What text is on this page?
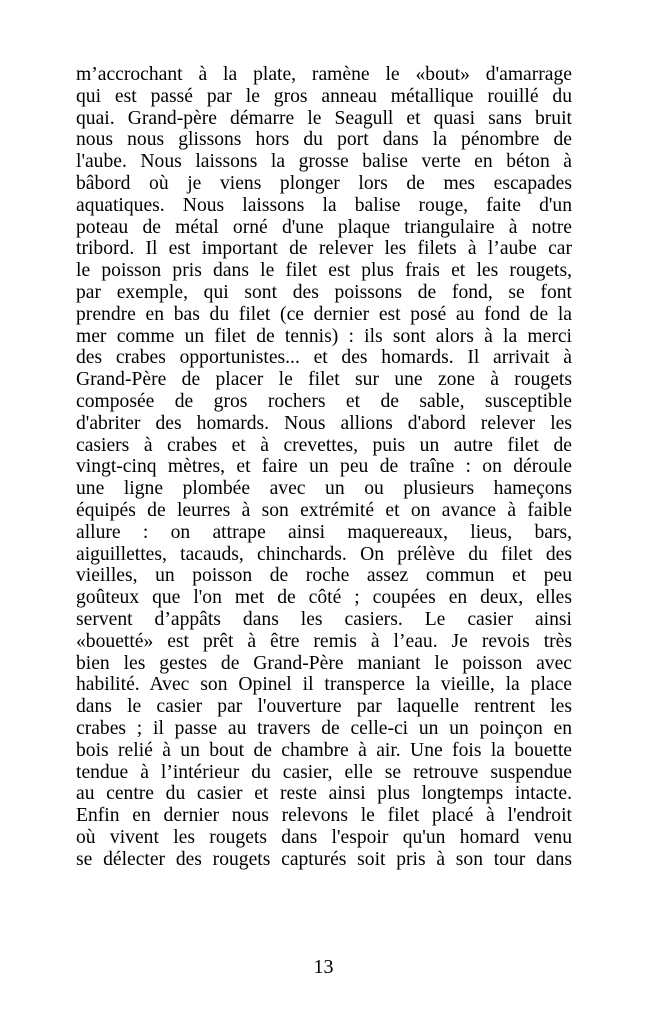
m’accrochant à la plate, ramène le «bout» d'amarrage
qui est passé par le gros anneau métallique rouillé du
quai. Grand-père démarre le Seagull et quasi sans bruit
nous nous glissons hors du port dans la pénombre de
l'aube. Nous laissons la grosse balise verte en béton à
bâbord où je viens plonger lors de mes escapades
aquatiques. Nous laissons la balise rouge, faite d'un
poteau de métal orné d'une plaque triangulaire à notre
tribord. Il est important de relever les filets à l’aube car
le poisson pris dans le filet est plus frais et les rougets,
par exemple, qui sont des poissons de fond, se font
prendre en bas du filet (ce dernier est posé au fond de la
mer comme un filet de tennis) : ils sont alors à la merci
des crabes opportunistes... et des homards. Il arrivait à
Grand-Père de placer le filet sur une zone à rougets
composée de gros rochers et de sable, susceptible
d'abriter des homards. Nous allions d'abord relever les
casiers à crabes et à crevettes, puis un autre filet de
vingt-cinq mètres, et faire un peu de traîne : on déroule
une ligne plombée avec un ou plusieurs hameçons
équipés de leurres à son extrémité et on avance à faible
allure : on attrape ainsi maquereaux, lieus, bars,
aiguillettes, tacauds, chinchards. On prélève du filet des
vieilles, un poisson de roche assez commun et peu
goûteux que l'on met de côté ; coupées en deux, elles
servent d’appâts dans les casiers. Le casier ainsi
«bouetté» est prêt à être remis à l’eau. Je revois très
bien les gestes de Grand-Père maniant le poisson avec
habilité. Avec son Opinel il transperce la vieille, la place
dans le casier par l'ouverture par laquelle rentrent les
crabes ; il passe au travers de celle-ci un un poinçon en
bois relié à un bout de chambre à air. Une fois la bouette
tendue à l’intérieur du casier, elle se retrouve suspendue
au centre du casier et reste ainsi plus longtemps intacte.
Enfin en dernier nous relevons le filet placé à l'endroit
où vivent les rougets dans l'espoir qu'un homard venu
se délecter des rougets capturés soit pris à son tour dans
13
